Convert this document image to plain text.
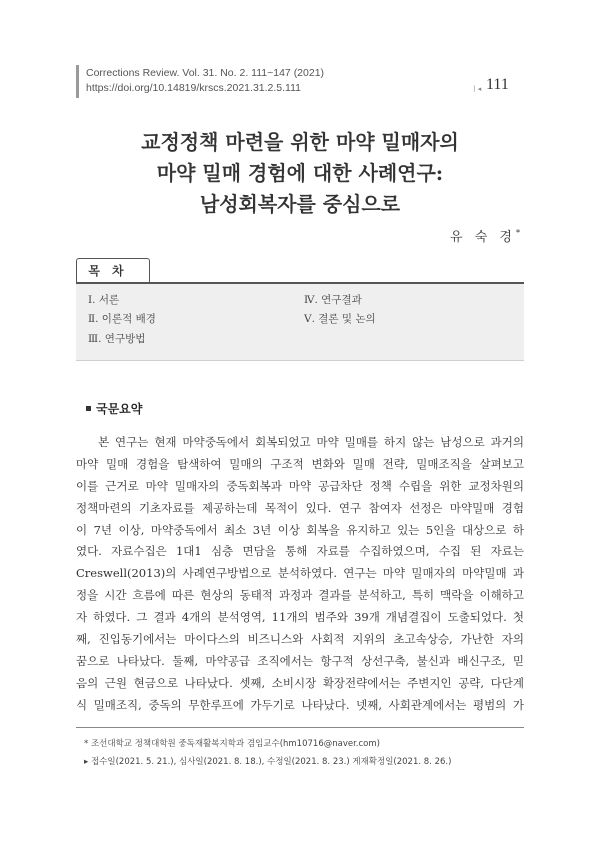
Corrections Review. Vol. 31. No. 2. 111~147 (2021)
https://doi.org/10.14819/krscs.2021.31.2.5.111	ㅣ◂ 111
교정정책 마련을 위한 마약 밀매자의
마약 밀매 경험에 대한 사례연구:
남성회복자를 중심으로
유 숙 경*
목차
Ⅰ. 서론
Ⅱ. 이론적 배경
Ⅲ. 연구방법
Ⅳ. 연구결과
Ⅴ. 결론 및 논의
국문요약
본 연구는 현재 마약중독에서 회복되었고 마약 밀매를 하지 않는 남성으로 과거의
마약 밀매 경험을 탐색하여 밀매의 구조적 변화와 밀매 전략, 밀매조직을 살펴보고
이를 근거로 마약 밀매자의 중독회복과 마약 공급차단 정책 수립을 위한 교정차원의
정책마련의 기초자료를 제공하는데 목적이 있다. 연구 참여자 선정은 마약밀매 경험
이 7년 이상, 마약중독에서 최소 3년 이상 회복을 유지하고 있는 5인을 대상으로 하
였다. 자료수집은 1대1 심층 면담을 통해 자료를 수집하였으며, 수집 된 자료는
Creswell(2013)의 사례연구방법으로 분석하였다. 연구는 마약 밀매자의 마약밀매 과
정을 시간 흐름에 따른 현상의 동태적 과정과 결과를 분석하고, 특히 맥락을 이해하고
자 하였다. 그 결과 4개의 분석영역, 11개의 범주와 39개 개념결집이 도출되었다. 첫
째, 진입동기에서는 마이다스의 비즈니스와 사회적 지위의 초고속상승, 가난한 자의
꿈으로 나타났다. 둘째, 마약공급 조직에서는 항구적 상선구축, 불신과 배신구조, 믿
음의 근원 현금으로 나타났다. 셋째, 소비시장 확장전략에서는 주변지인 공략, 다단계
식 밀매조직, 중독의 무한루프에 가두기로 나타났다. 넷째, 사회관계에서는 평범의 가
* 조선대학교 정책대학원 중독재활복지학과 겸임교수(hm10716@naver.com)
▸ 접수일(2021. 5. 21.), 심사일(2021. 8. 18.), 수정일(2021. 8. 23.) 게재확정일(2021. 8. 26.)
